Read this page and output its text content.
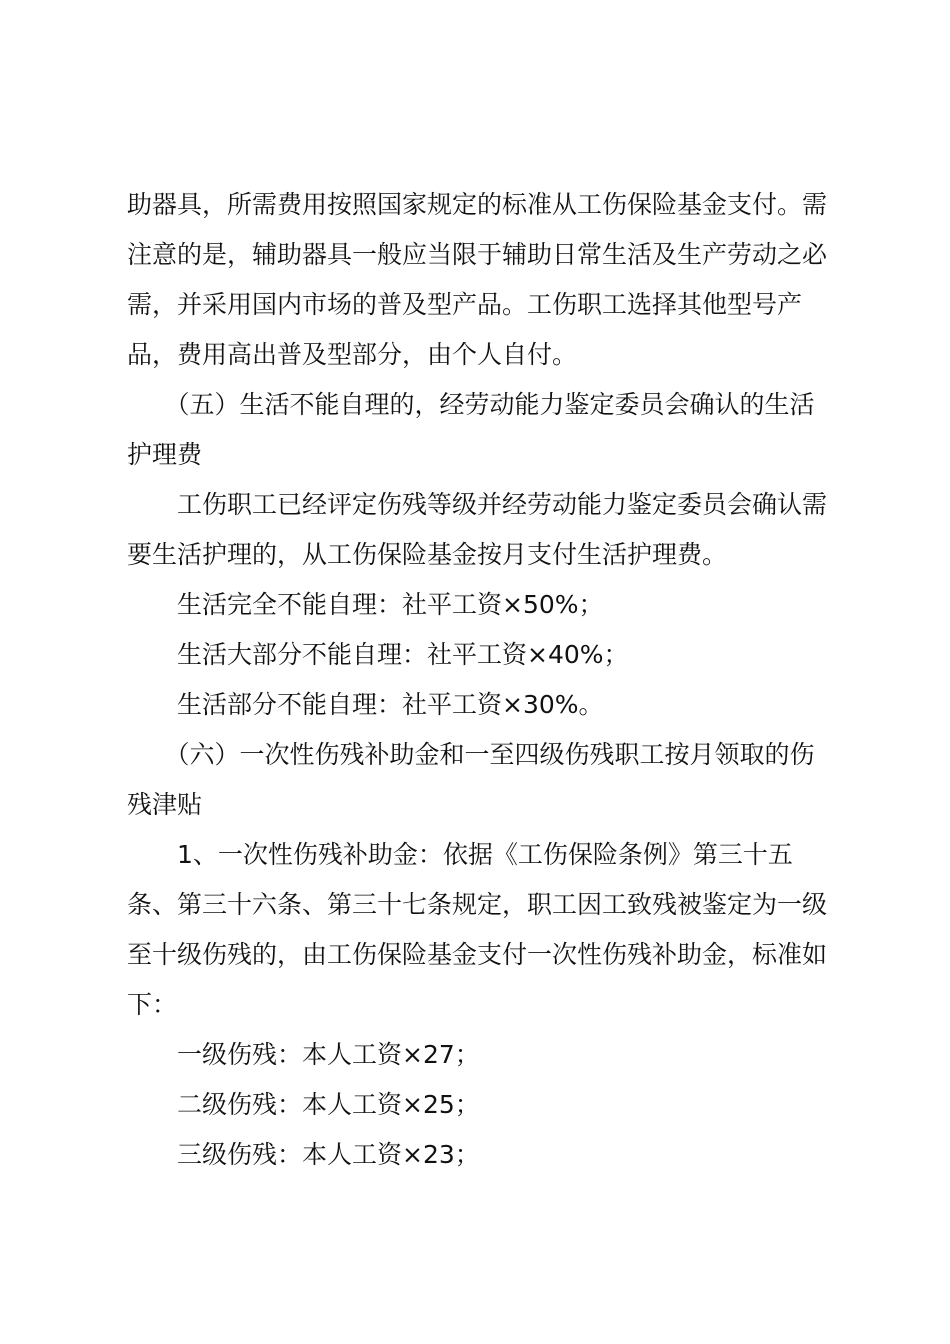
助器具，所需费用按照国家规定的标准从工伤保险基金支付。需注意的是，辅助器具一般应当限于辅助日常生活及生产劳动之必需，并采用国内市场的普及型产品。工伤职工选择其他型号产品，费用高出普及型部分，由个人自付。

　　（五）生活不能自理的，经劳动能力鉴定委员会确认的生活护理费

　　工伤职工已经评定伤残等级并经劳动能力鉴定委员会确认需要生活护理的，从工伤保险基金按月支付生活护理费。

　　生活完全不能自理：社平工资×50%；

　　生活大部分不能自理：社平工资×40%；

　　生活部分不能自理：社平工资×30%。

　　（六）一次性伤残补助金和一至四级伤残职工按月领取的伤残津贴

　　1、一次性伤残补助金：依据《工伤保险条例》第三十五条、第三十六条、第三十七条规定，职工因工致残被鉴定为一级至十级伤残的，由工伤保险基金支付一次性伤残补助金，标准如下：

　　一级伤残：本人工资×27；

　　二级伤残：本人工资×25；

　　三级伤残：本人工资×23；
